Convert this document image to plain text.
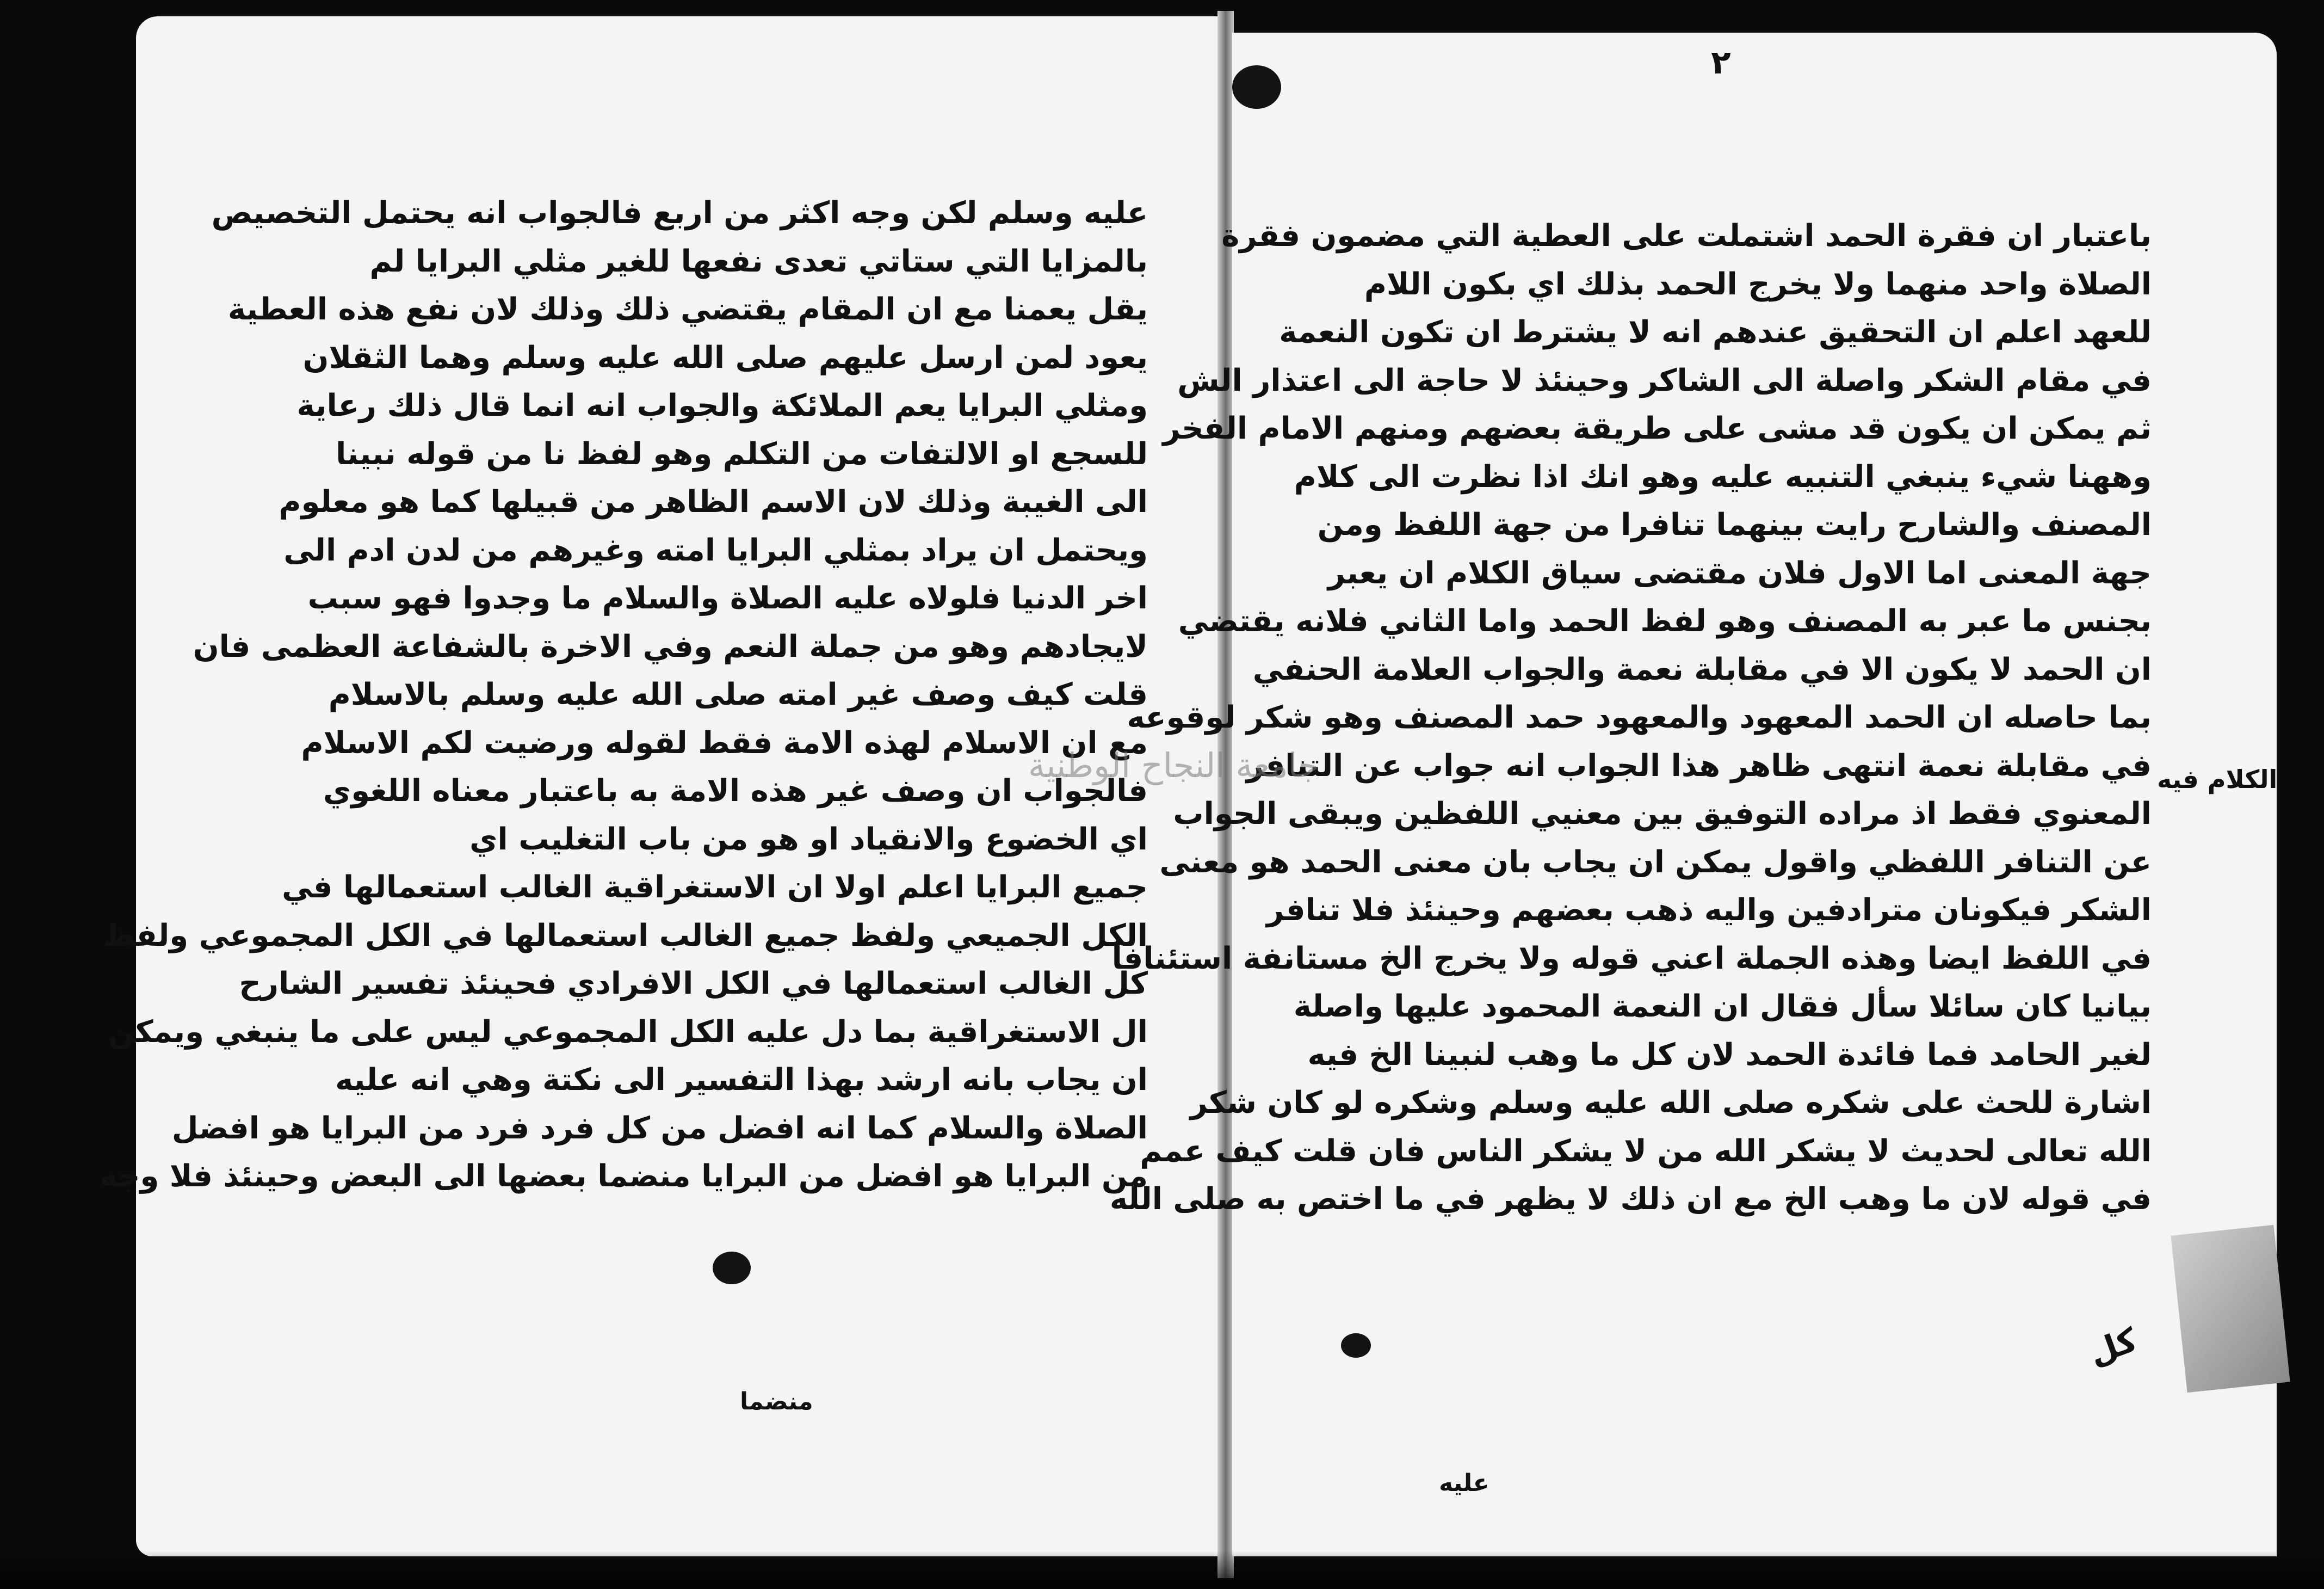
عليه وسلم لكن وجه اكثر من اربع فالجواب انه يحتمل التخصيص
بالمزايا التي ستاتي تعدى نفعها للغير مثلي البرايا لم
يقل يعمنا مع ان المقام يقتضي ذلك وذلك لان نفع هذه العطية
يعود لمن ارسل عليهم صلى الله عليه وسلم وهما الثقلان
ومثلي البرايا يعم الملائكة والجواب انه انما قال ذلك رعاية
للسجع او الالتفات من التكلم وهو لفظ نا من قوله نبينا
الى الغيبة وذلك لان الاسم الظاهر من قبيلها كما هو معلوم
ويحتمل ان يراد بمثلي البرايا امته وغيرهم من لدن ادم الى
اخر الدنيا فلولاه عليه الصلاة والسلام ما وجدوا فهو سبب
لايجادهم وهو من جملة النعم وفي الاخرة بالشفاعة العظمى فان
قلت كيف وصف غير امته صلى الله عليه وسلم بالاسلام
مع ان الاسلام لهذه الامة فقط لقوله ورضيت لكم الاسلام
فالجواب ان وصف غير هذه الامة به باعتبار معناه اللغوي
اي الخضوع والانقياد او هو من باب التغليب اي
جميع البرايا اعلم اولا ان الاستغراقية الغالب استعمالها في
الكل الجميعي ولفظ جميع الغالب استعمالها في الكل المجموعي ولفظ
كل الغالب استعمالها في الكل الافرادي فحينئذ تفسير الشارح
ال الاستغراقية بما دل عليه الكل المجموعي ليس على ما ينبغي ويمكن
ان يجاب بانه ارشد بهذا التفسير الى نكتة وهي انه عليه
الصلاة والسلام كما انه افضل من كل فرد فرد من البرايا هو افضل
من البرايا هو افضل من البرايا منضما بعضها الى البعض وحينئذ فلا وجه
منضما
٢
باعتبار ان فقرة الحمد اشتملت على العطية التي مضمون فقرة
الصلاة واحد منهما ولا يخرج الحمد بذلك اي بكون اللام
للعهد اعلم ان التحقيق عندهم انه لا يشترط ان تكون النعمة
في مقام الشكر واصلة الى الشاكر وحينئذ لا حاجة الى اعتذار الش
ثم يمكن ان يكون قد مشى على طريقة بعضهم ومنهم الامام الفخر
وههنا شيء ينبغي التنبيه عليه وهو انك اذا نظرت الى كلام
المصنف والشارح رايت بينهما تنافرا من جهة اللفظ ومن
جهة المعنى اما الاول فلان مقتضى سياق الكلام ان يعبر
بجنس ما عبر به المصنف وهو لفظ الحمد واما الثاني فلانه يقتضي
ان الحمد لا يكون الا في مقابلة نعمة والجواب العلامة الحنفي
بما حاصله ان الحمد المعهود والمعهود حمد المصنف وهو شكر لوقوعه
في مقابلة نعمة انتهى ظاهر هذا الجواب انه جواب عن التنافر
المعنوي فقط اذ مراده التوفيق بين معنيي اللفظين ويبقى الجواب
عن التنافر اللفظي واقول يمكن ان يجاب بان معنى الحمد هو معنى
الشكر فيكونان مترادفين واليه ذهب بعضهم وحينئذ فلا تنافر
في اللفظ ايضا وهذه الجملة اعني قوله ولا يخرج الخ مستانفة استئنافا
بيانيا كان سائلا سأل فقال ان النعمة المحمود عليها واصلة
لغير الحامد فما فائدة الحمد لان كل ما وهب لنبينا الخ فيه
اشارة للحث على شكره صلى الله عليه وسلم وشكره لو كان شكر
الله تعالى لحديث لا يشكر الله من لا يشكر الناس فان قلت كيف عمم
في قوله لان ما وهب الخ مع ان ذلك لا يظهر في ما اختص به صلى الله
الكلام فيه
كل
عليه
جامعة النجاح الوطنية
